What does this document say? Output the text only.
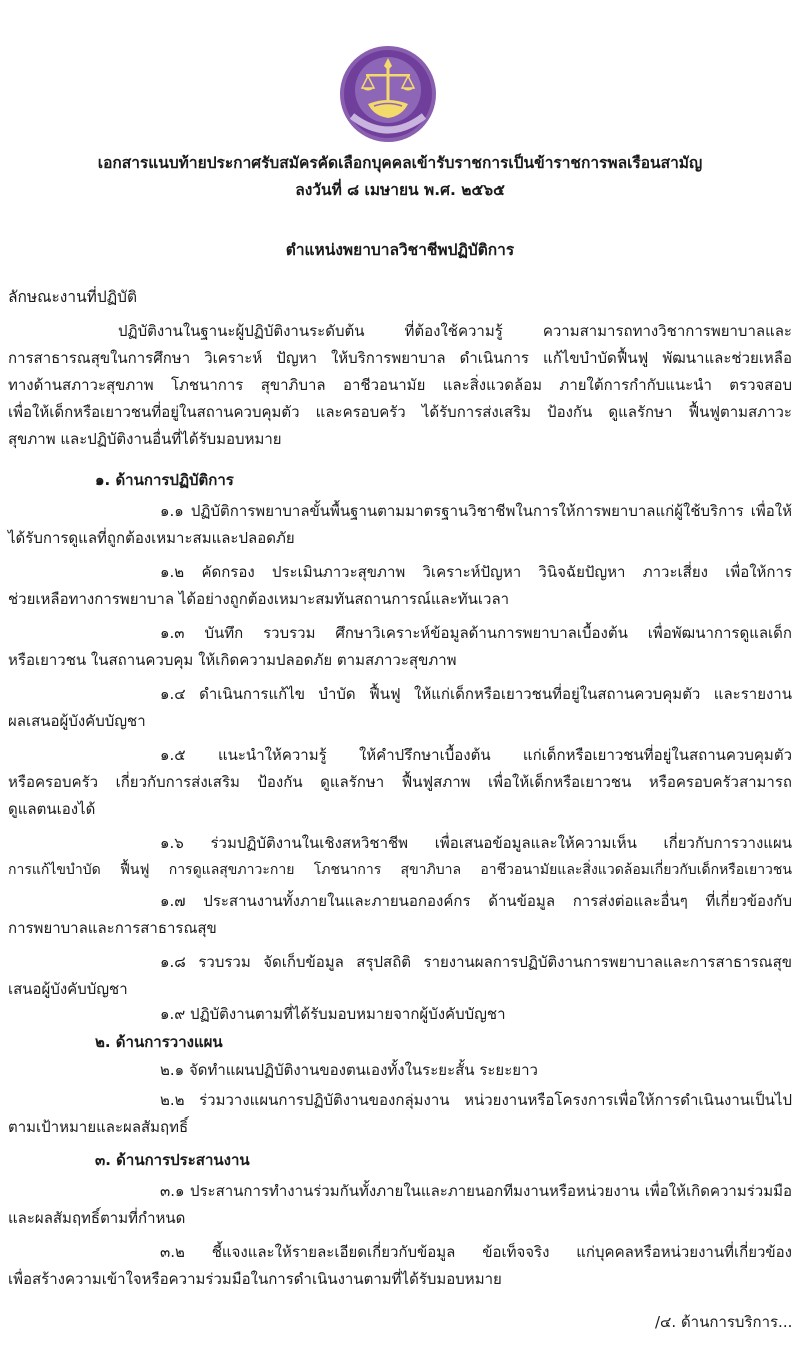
เอกสารแนบท้ายประกาศรับสมัครคัดเลือกบุคคลเข้ารับราชการเป็นข้าราชการพลเรือนสามัญ
ลงวันที่ ๘ เมษายน พ.ศ. ๒๕๖๕
ตำแหน่งพยาบาลวิชาชีพปฏิบัติการ
ลักษณะงานที่ปฏิบัติ
ปฏิบัติงานในฐานะผู้ปฏิบัติงานระดับต้น ที่ต้องใช้ความรู้ ความสามารถทางวิชาการพยาบาลและ
การสาธารณสุขในการศึกษา วิเคราะห์ ปัญหา ให้บริการพยาบาล ดำเนินการ แก้ไขบำบัดฟื้นฟู พัฒนาและช่วยเหลือ
ทางด้านสภาวะสุขภาพ โภชนาการ สุขาภิบาล อาชีวอนามัย และสิ่งแวดล้อม ภายใต้การกำกับแนะนำ ตรวจสอบ
เพื่อให้เด็กหรือเยาวชนที่อยู่ในสถานควบคุมตัว และครอบครัว ได้รับการส่งเสริม ป้องกัน ดูแลรักษา ฟื้นฟูตามสภาวะ
สุขภาพ และปฏิบัติงานอื่นที่ได้รับมอบหมาย
๑. ด้านการปฏิบัติการ
๑.๑ ปฏิบัติการพยาบาลขั้นพื้นฐานตามมาตรฐานวิชาชีพในการให้การพยาบาลแก่ผู้ใช้บริการ เพื่อให้
ได้รับการดูแลที่ถูกต้องเหมาะสมและปลอดภัย
๑.๒ คัดกรอง ประเมินภาวะสุขภาพ วิเคราะห์ปัญหา วินิจฉัยปัญหา ภาวะเสี่ยง เพื่อให้การ
ช่วยเหลือทางการพยาบาล ได้อย่างถูกต้องเหมาะสมทันสถานการณ์และทันเวลา
๑.๓ บันทึก รวบรวม ศึกษาวิเคราะห์ข้อมูลด้านการพยาบาลเบื้องต้น เพื่อพัฒนาการดูแลเด็ก
หรือเยาวชน ในสถานควบคุม ให้เกิดความปลอดภัย ตามสภาวะสุขภาพ
๑.๔ ดำเนินการแก้ไข บำบัด ฟื้นฟู ให้แก่เด็กหรือเยาวชนที่อยู่ในสถานควบคุมตัว และรายงาน
ผลเสนอผู้บังคับบัญชา
๑.๕ แนะนำให้ความรู้ ให้คำปรึกษาเบื้องต้น แก่เด็กหรือเยาวชนที่อยู่ในสถานควบคุมตัว
หรือครอบครัว เกี่ยวกับการส่งเสริม ป้องกัน ดูแลรักษา ฟื้นฟูสภาพ เพื่อให้เด็กหรือเยาวชน หรือครอบครัวสามารถ
ดูแลตนเองได้
๑.๖ ร่วมปฏิบัติงานในเชิงสหวิชาชีพ เพื่อเสนอข้อมูลและให้ความเห็น เกี่ยวกับการวางแผน
การแก้ไขบำบัด ฟื้นฟู การดูแลสุขภาวะกาย โภชนาการ สุขาภิบาล อาชีวอนามัยและสิ่งแวดล้อมเกี่ยวกับเด็กหรือเยาวชน
๑.๗ ประสานงานทั้งภายในและภายนอกองค์กร ด้านข้อมูล การส่งต่อและอื่นๆ ที่เกี่ยวข้องกับ
การพยาบาลและการสาธารณสุข
๑.๘ รวบรวม จัดเก็บข้อมูล สรุปสถิติ รายงานผลการปฏิบัติงานการพยาบาลและการสาธารณสุข
เสนอผู้บังคับบัญชา
๑.๙ ปฏิบัติงานตามที่ได้รับมอบหมายจากผู้บังคับบัญชา
๒. ด้านการวางแผน
๒.๑ จัดทำแผนปฏิบัติงานของตนเองทั้งในระยะสั้น ระยะยาว
๒.๒ ร่วมวางแผนการปฏิบัติงานของกลุ่มงาน หน่วยงานหรือโครงการเพื่อให้การดำเนินงานเป็นไป
ตามเป้าหมายและผลสัมฤทธิ์
๓. ด้านการประสานงาน
๓.๑ ประสานการทำงานร่วมกันทั้งภายในและภายนอกทีมงานหรือหน่วยงาน เพื่อให้เกิดความร่วมมือ
และผลสัมฤทธิ์ตามที่กำหนด
๓.๒ ชี้แจงและให้รายละเอียดเกี่ยวกับข้อมูล ข้อเท็จจริง แก่บุคคลหรือหน่วยงานที่เกี่ยวข้อง
เพื่อสร้างความเข้าใจหรือความร่วมมือในการดำเนินงานตามที่ได้รับมอบหมาย
/๔. ด้านการบริการ...
